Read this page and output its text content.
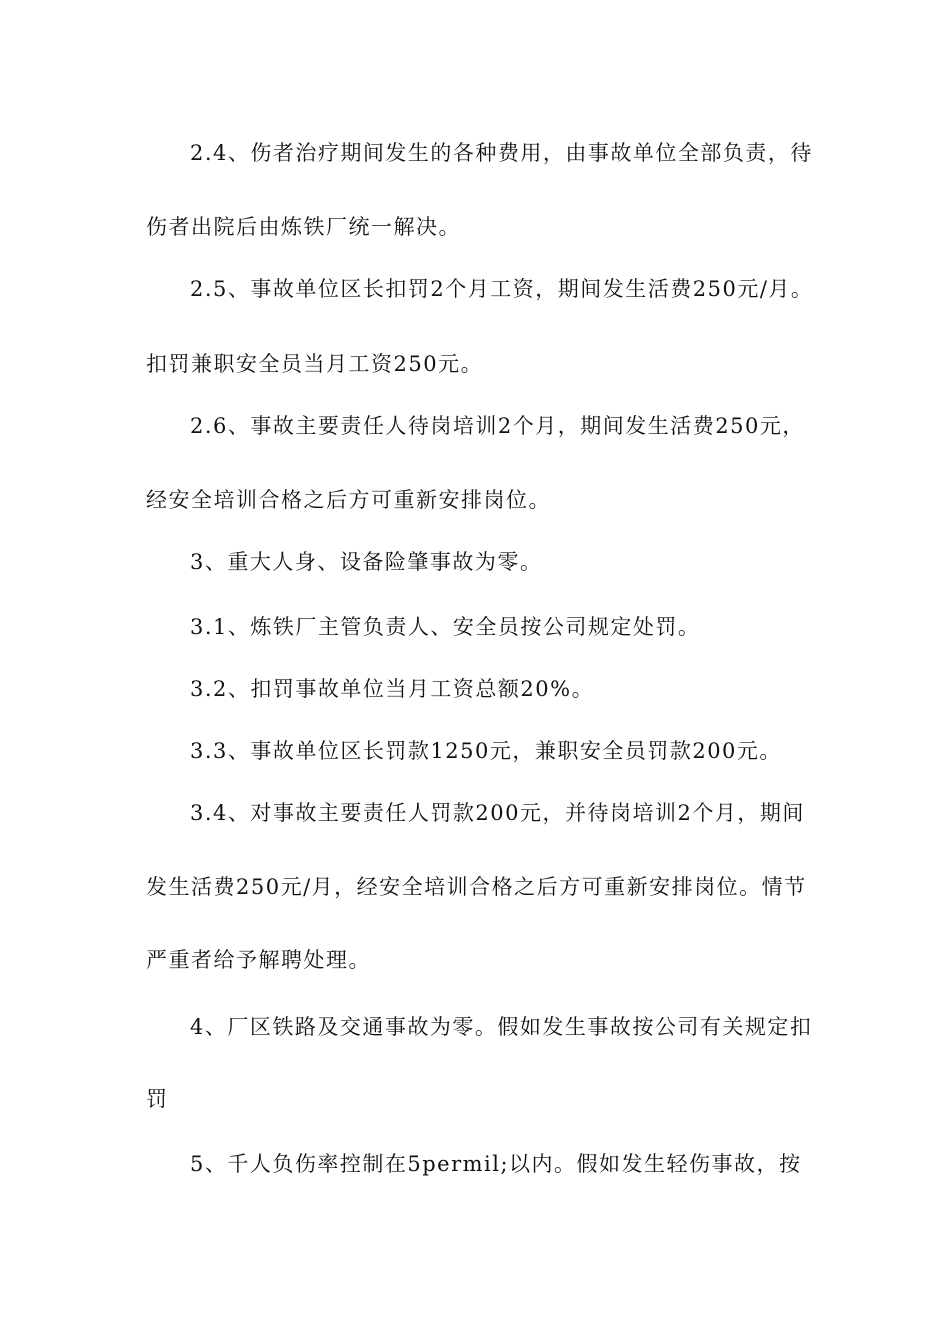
2.4、伤者治疗期间发生的各种费用，由事故单位全部负责，待
伤者出院后由炼铁厂统一解决。
2.5、事故单位区长扣罚2个月工资，期间发生活费250元/月。
扣罚兼职安全员当月工资250元。
2.6、事故主要责任人待岗培训2个月，期间发生活费250元，
经安全培训合格之后方可重新安排岗位。
3、重大人身、设备险肇事故为零。
3.1、炼铁厂主管负责人、安全员按公司规定处罚。
3.2、扣罚事故单位当月工资总额20%。
3.3、事故单位区长罚款1250元，兼职安全员罚款200元。
3.4、对事故主要责任人罚款200元，并待岗培训2个月，期间
发生活费250元/月，经安全培训合格之后方可重新安排岗位。情节
严重者给予解聘处理。
4、厂区铁路及交通事故为零。假如发生事故按公司有关规定扣
罚
5、千人负伤率控制在5permil;以内。假如发生轻伤事故，按
